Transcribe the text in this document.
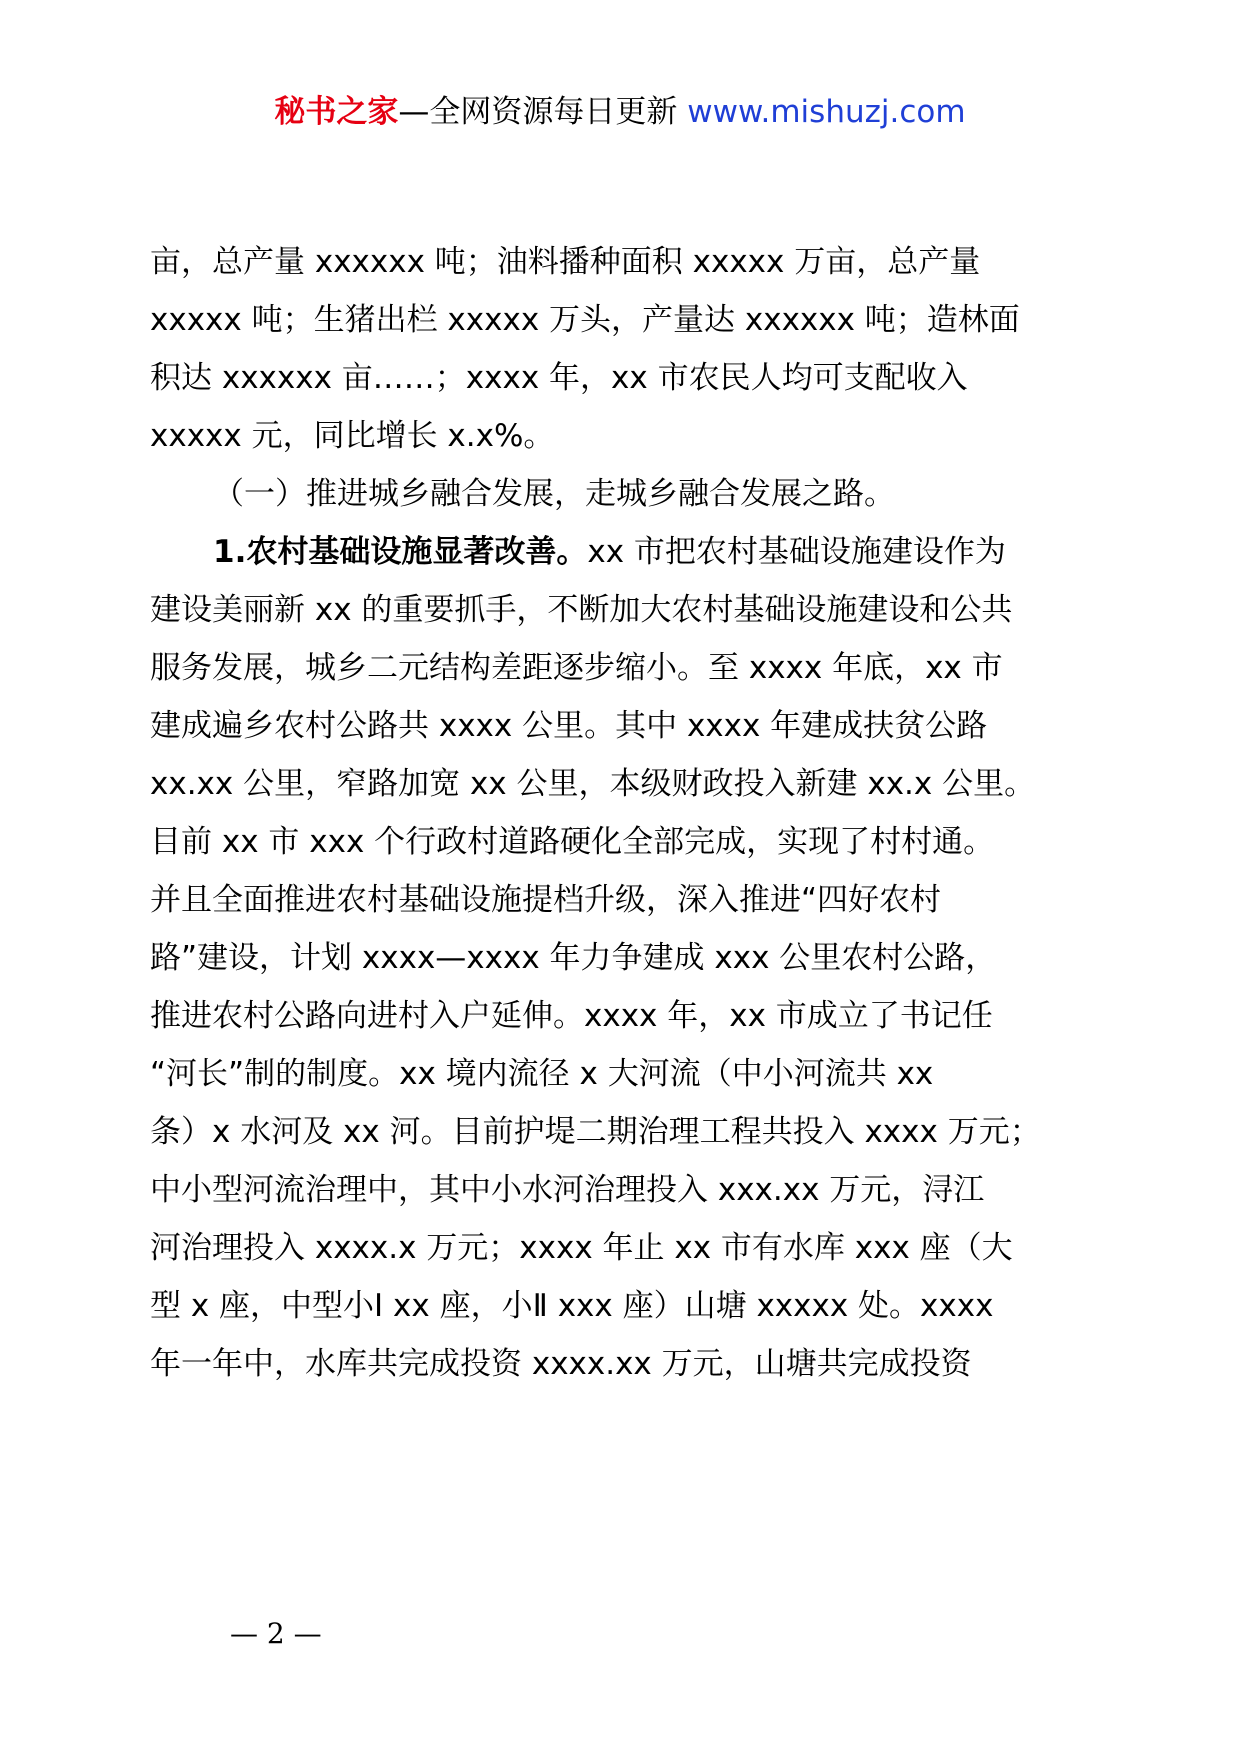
秘书之家—全网资源每日更新 www.mishuzj.com
亩，总产量 xxxxxx 吨；油料播种面积 xxxxx 万亩，总产量
xxxxx 吨；生猪出栏 xxxxx 万头，产量达 xxxxxx 吨；造林面
积达 xxxxxx 亩……；xxxx 年，xx 市农民人均可支配收入
xxxxx 元，同比增长 x.x%。
（一）推进城乡融合发展，走城乡融合发展之路。
1.农村基础设施显著改善。xx 市把农村基础设施建设作为
建设美丽新 xx 的重要抓手，不断加大农村基础设施建设和公共
服务发展，城乡二元结构差距逐步缩小。至 xxxx 年底，xx 市
建成遍乡农村公路共 xxxx 公里。其中 xxxx 年建成扶贫公路
xx.xx 公里，窄路加宽 xx 公里，本级财政投入新建 xx.x 公里。
目前 xx 市 xxx 个行政村道路硬化全部完成，实现了村村通。
并且全面推进农村基础设施提档升级，深入推进“四好农村
路”建设，计划 xxxx—xxxx 年力争建成 xxx 公里农村公路，
推进农村公路向进村入户延伸。xxxx 年，xx 市成立了书记任
“河长”制的制度。xx 境内流径 x 大河流（中小河流共 xx
条）x 水河及 xx 河。目前护堤二期治理工程共投入 xxxx 万元；
中小型河流治理中，其中小水河治理投入 xxx.xx 万元，浔江
河治理投入 xxxx.x 万元；xxxx 年止 xx 市有水库 xxx 座（大
型 x 座，中型小Ⅰ xx 座，小Ⅱ xxx 座）山塘 xxxxx 处。xxxx
年一年中，水库共完成投资 xxxx.xx 万元，山塘共完成投资
— 2 —
